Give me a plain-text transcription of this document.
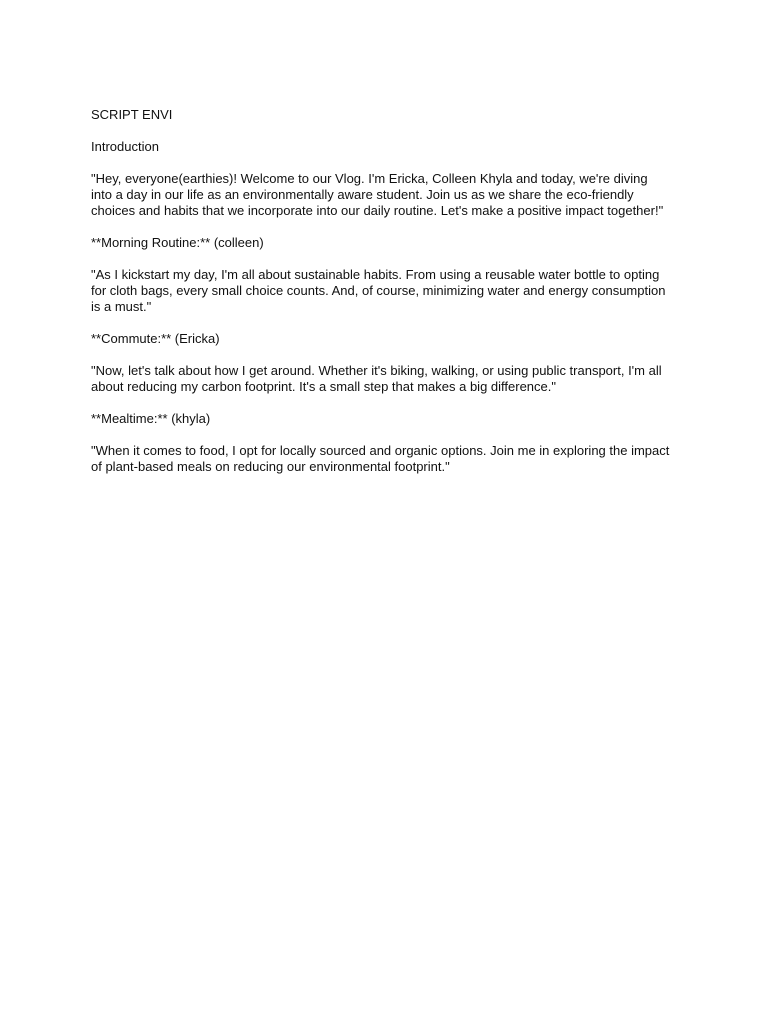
SCRIPT ENVI

Introduction

"Hey, everyone(earthies)! Welcome to our Vlog. I'm Ericka, Colleen Khyla and today, we're diving into a day in our life as an environmentally aware student. Join us as we share the eco-friendly choices and habits that we incorporate into our daily routine. Let's make a positive impact together!"

**Morning Routine:** (colleen)

"As I kickstart my day, I'm all about sustainable habits. From using a reusable water bottle to opting for cloth bags, every small choice counts. And, of course, minimizing water and energy consumption is a must."

**Commute:** (Ericka)

"Now, let's talk about how I get around. Whether it's biking, walking, or using public transport, I'm all about reducing my carbon footprint. It's a small step that makes a big difference."

**Mealtime:** (khyla)

"When it comes to food, I opt for locally sourced and organic options. Join me in exploring the impact of plant-based meals on reducing our environmental footprint."
